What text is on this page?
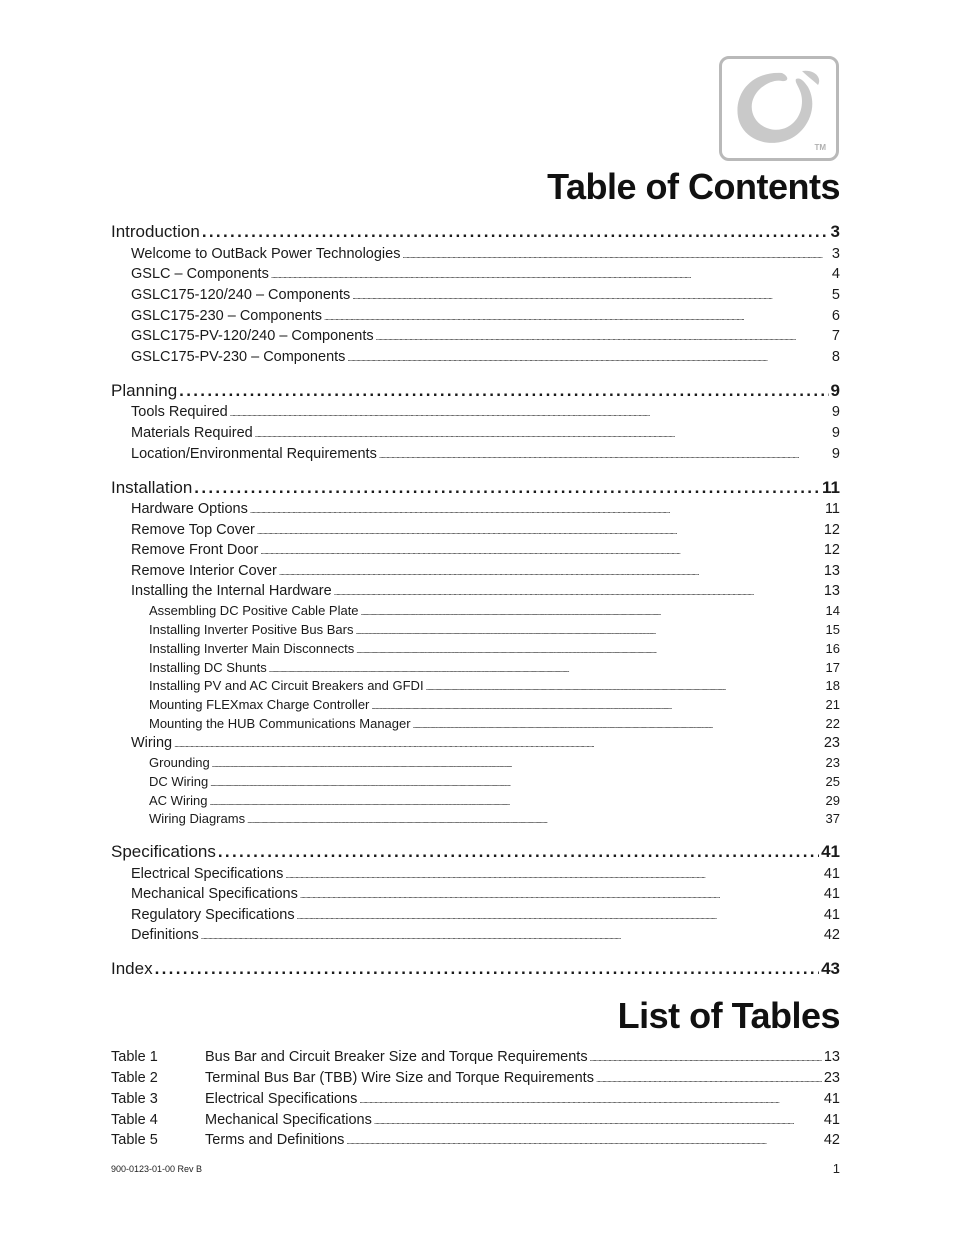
TM
Table of Contents
Introduction . . .	3
Welcome to OutBack Power Technologies . . .	3
GSLC – Components . . .	4
GSLC175-120/240 – Components . . .	5
GSLC175-230 – Components . . .	6
GSLC175-PV-120/240 – Components . . .	7
GSLC175-PV-230 – Components . . .	8
Planning . . .	9
Tools Required . . .	9
Materials Required . . .	9
Location/Environmental Requirements . . .	9
Installation . . .	11
Hardware Options . . .	11
Remove Top Cover . . .	12
Remove Front Door . . .	12
Remove Interior Cover . . .	13
Installing the Internal Hardware . . .	13
Assembling DC Positive Cable Plate . . .	14
Installing Inverter Positive Bus Bars . . .	15
Installing Inverter Main Disconnects . . .	16
Installing DC Shunts . . .	17
Installing PV and AC Circuit Breakers and GFDI . . .	18
Mounting FLEXmax Charge Controller . . .	21
Mounting the HUB Communications Manager . . .	22
Wiring . . .	23
Grounding . . .	23
DC Wiring . . .	25
AC Wiring . . .	29
Wiring Diagrams . . .	37
Specifications . . .	41
Electrical Specifications . . .	41
Mechanical Specifications . . .	41
Regulatory Specifications . . .	41
Definitions . . .	42
Index . . .	43
List of Tables
Table 1	Bus Bar and Circuit Breaker Size and Torque Requirements . . .	13
Table 2	Terminal Bus Bar (TBB) Wire Size and Torque Requirements . . .	23
Table 3	Electrical Specifications . . .	41
Table 4	Mechanical Specifications . . .	41
Table 5	Terms and Definitions . . .	42
900-0123-01-00 Rev B	1
